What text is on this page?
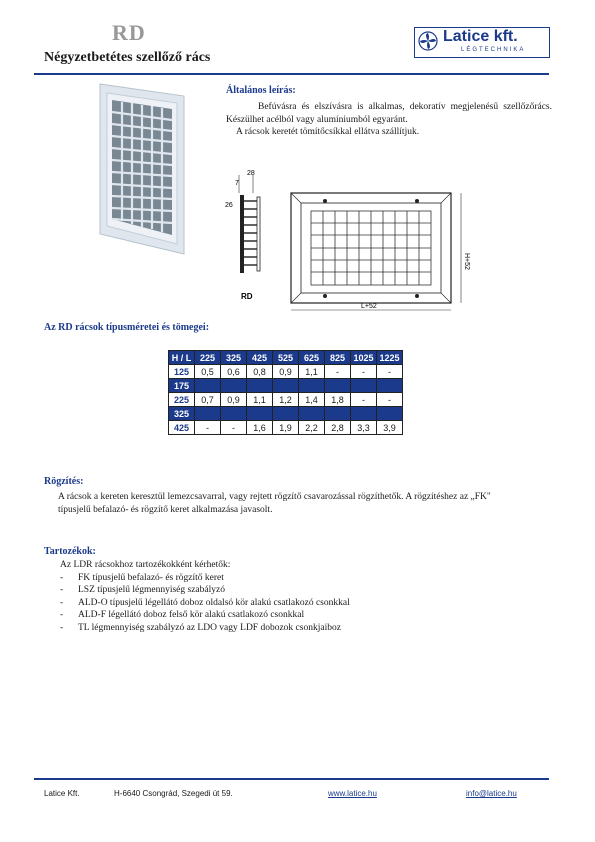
RD
Négyzetbetétes szellőző rács
Latice kft.
LÉGTECHNIKA
Általános leírás:

Befúvásra és elszívásra is alkalmas, dekoratív megjelenésű szellőzőrács. Készülhet acélból vagy alumíniumból egyaránt.

A rácsok keretét tömítőcsíkkal ellátva szállítjuk.

28
7
26
RD
H+52
L+52
Az RD rácsok típusméretei és tömegei:
H / L	225	325	425	525	625	825	1025	1225
125	0,5	0,6	0,8	0,9	1,1	-	-	-
175								
225	0,7	0,9	1,1	1,2	1,4	1,8	-	-
325								
425	-	-	1,6	1,9	2,2	2,8	3,3	3,9
Rögzítés:
A rácsok a kereten keresztül lemezcsavarral, vagy rejtett rögzítő csavarozással rögzíthetők. A rögzítéshez az „FK" típusjelű befalazó- és rögzítő keret alkalmazása javasolt.
Tartozékok:
Az LDR rácsokhoz tartozékokként kérhetők:
- FK típusjelű befalazó- és rögzítő keret
- LSZ típusjelű légmennyiség szabályzó
- ALD-O típusjelű légellátó doboz oldalsó kör alakú csatlakozó csonkkal
- ALD-F légellátó doboz felső kör alakú csatlakozó csonkkal
- TL légmennyiség szabályzó az LDO vagy LDF dobozok csonkjaiboz
Latice Kft.	H-6640 Csongrád, Szegedi út 59.	www.latice.hu	info@latice.hu
